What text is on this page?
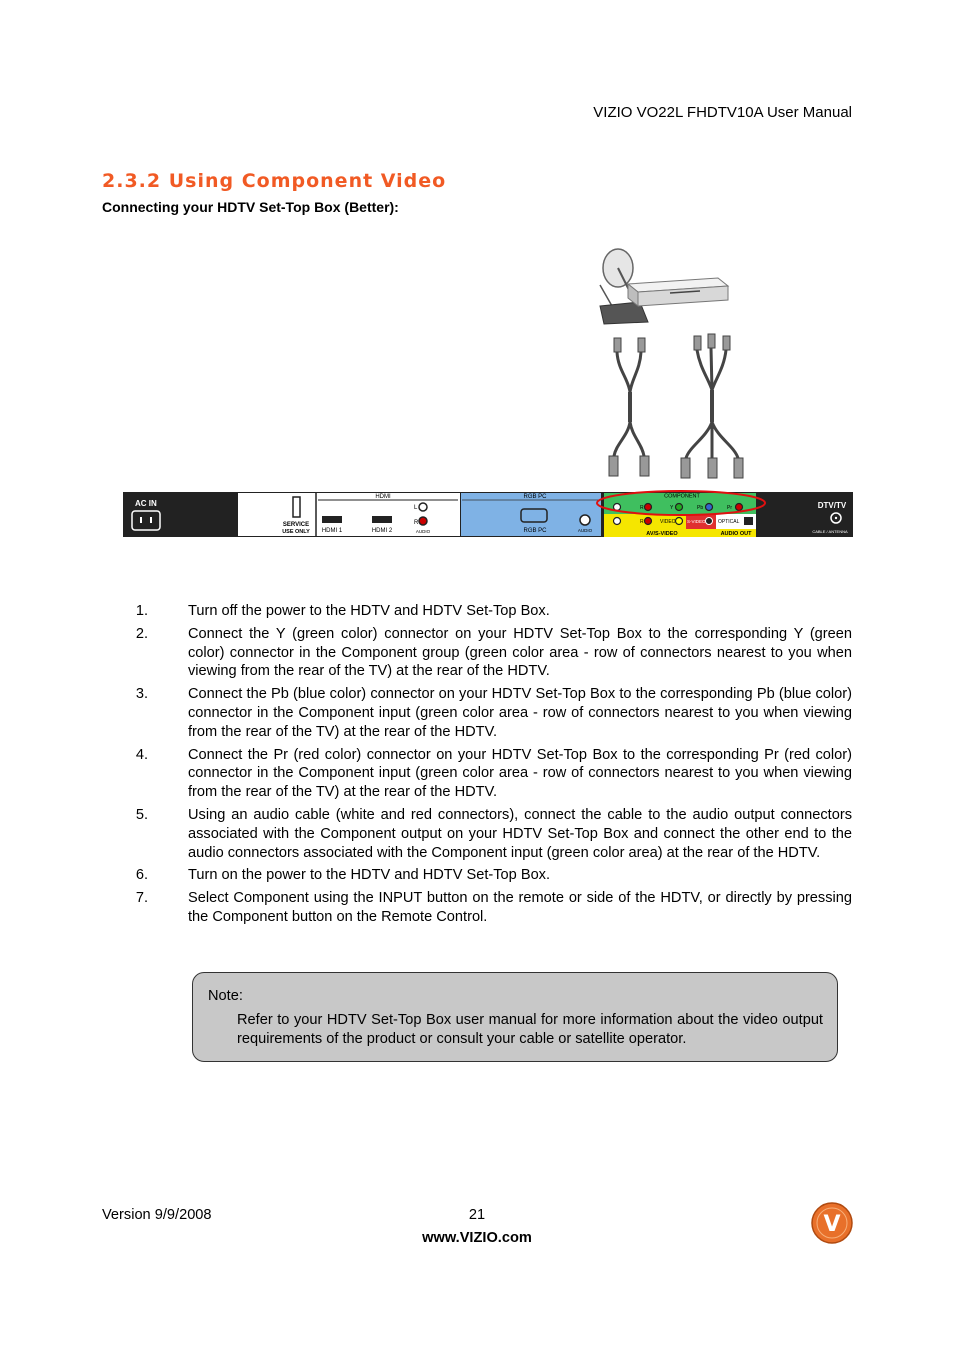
VIZIO VO22L FHDTV10A User Manual
2.3.2 Using Component Video
Connecting your HDTV Set-Top Box (Better):
AC IN
SERVICE
USE ONLY
HDMI
HDMI 1	HDMI 2
L
R
AUDIO
RGB PC
RGB PC	AUDIO
COMPONENT
R	Y	Pb	Pr
R	VIDEO	S-VIDEO OPTICAL
AV/S-VIDEO	AUDIO OUT
DTV/TV
CABLE / ANTENNA
1.	Turn off the power to the HDTV and HDTV Set-Top Box.
2.	Connect the Y (green color) connector on your HDTV Set-Top Box to the corresponding Y (green color) connector in the Component group (green color area - row of connectors nearest to you when viewing from the rear of the TV) at the rear of the HDTV.
3.	Connect the Pb (blue color) connector on your HDTV Set-Top Box to the corresponding Pb (blue color) connector in the Component input (green color area - row of connectors nearest to you when viewing from the rear of the TV) at the rear of the HDTV.
4.	Connect the Pr (red color) connector on your HDTV Set-Top Box to the corresponding Pr (red color) connector in the Component input (green color area - row of connectors nearest to you when viewing from the rear of the TV) at the rear of the HDTV.
5.	Using an audio cable (white and red connectors), connect the cable to the audio output connectors associated with the Component output on your HDTV Set-Top Box and connect the other end to the audio connectors associated with the Component input (green color area) at the rear of the HDTV.
6.	Turn on the power to the HDTV and HDTV Set-Top Box.
7.	Select Component using the INPUT button on the remote or side of the HDTV, or directly by pressing the Component button on the Remote Control.
Note:
Refer to your HDTV Set-Top Box user manual for more information about the video output requirements of the product or consult your cable or satellite operator.
Version 9/9/2008	21
www.VIZIO.com
V
